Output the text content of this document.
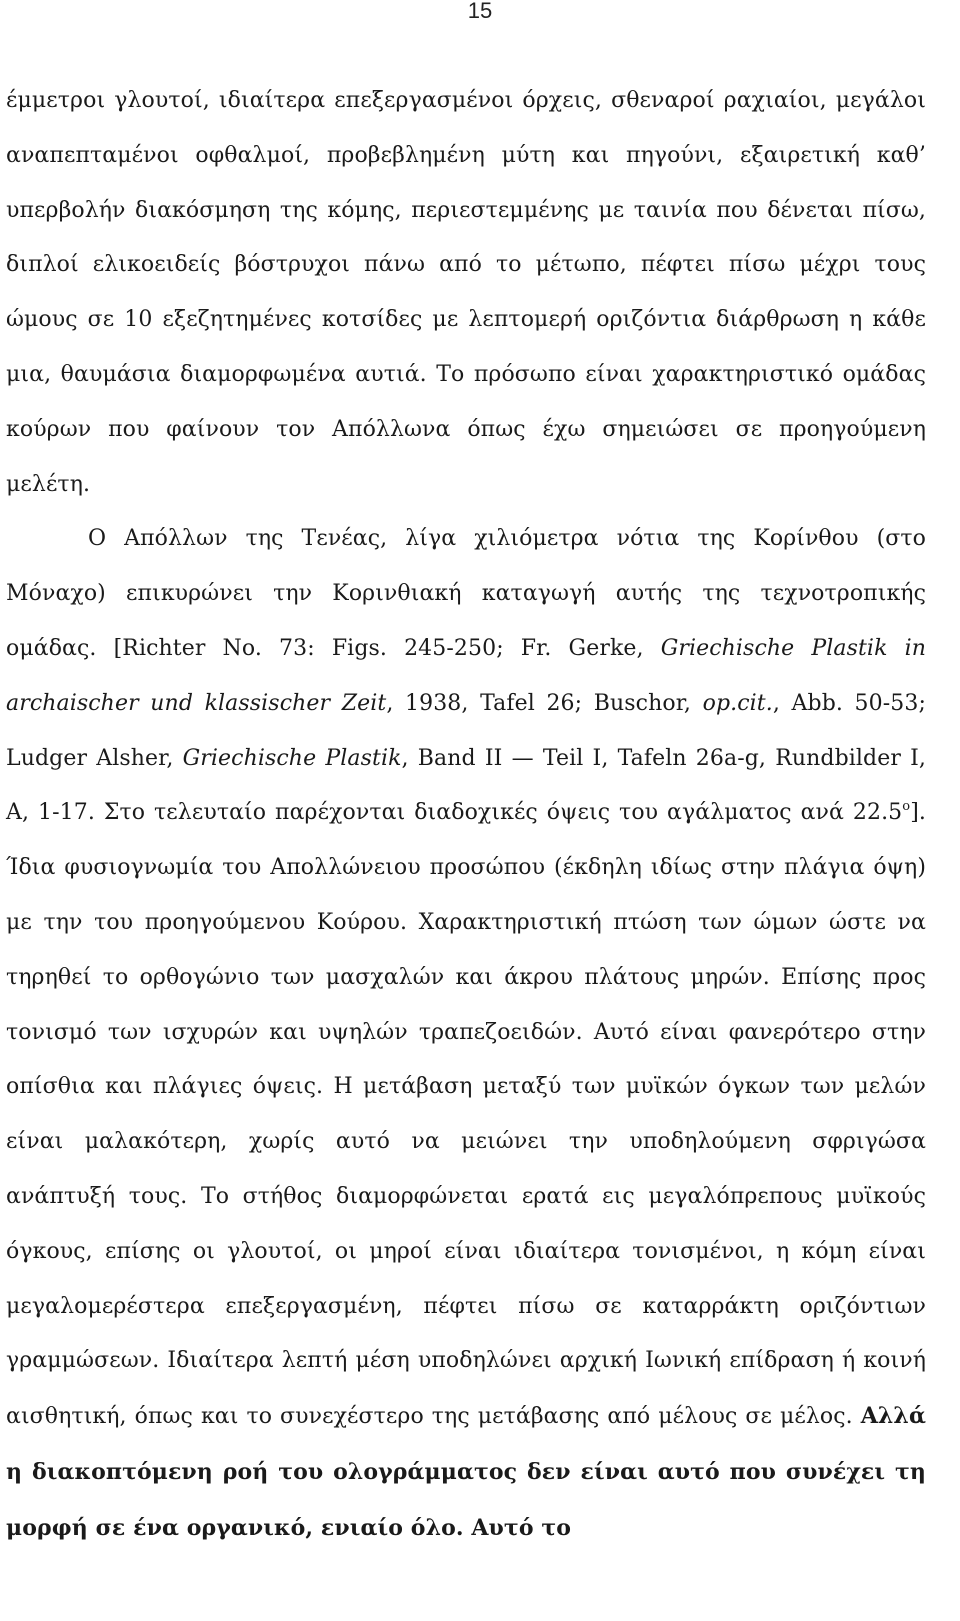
15

έμμετροι γλουτοί, ιδιαίτερα επεξεργασμένοι όρχεις, σθεναροί ραχιαίοι, μεγάλοι αναπεπταμένοι οφθαλμοί, προβεβλημένη μύτη και πηγούνι, εξαιρετική καθ’ υπερβολήν διακόσμηση της κόμης, περιεστεμμένης με ταινία που δένεται πίσω, διπλοί ελικοειδείς βόστρυχοι πάνω από το μέτωπο, πέφτει πίσω μέχρι τους ώμους σε 10 εξεζητημένες κοτσίδες με λεπτομερή οριζόντια διάρθρωση η κάθε μια, θαυμάσια διαμορφωμένα αυτιά. Το πρόσωπο είναι χαρακτηριστικό ομάδας κούρων που φαίνουν τον Απόλλωνα όπως έχω σημειώσει σε προηγούμενη μελέτη.

Ο Απόλλων της Τενέας, λίγα χιλιόμετρα νότια της Κορίνθου (στο Μόναχο) επικυρώνει την Κορινθιακή καταγωγή αυτής της τεχνοτροπικής ομάδας. [Richter No. 73: Figs. 245-250; Fr. Gerke, Griechische Plastik in archaischer und klassischer Zeit, 1938, Tafel 26; Buschor, op.cit., Abb. 50-53; Ludger Alsher, Griechische Plastik, Band II — Teil I, Tafeln 26a-g, Rundbilder I, A, 1-17. Στο τελευταίο παρέχονται διαδοχικές όψεις του αγάλματος ανά $22.5^o$]. Ίδια φυσιογνωμία του Απολλώνειου προσώπου (έκδηλη ιδίως στην πλάγια όψη) με την του προηγούμενου Κούρου. Χαρακτηριστική πτώση των ώμων ώστε να τηρηθεί το ορθογώνιο των μασχαλών και άκρου πλάτους μηρών. Επίσης προς τονισμό των ισχυρών και υψηλών τραπεζοειδών. Αυτό είναι φανερότερο στην οπίσθια και πλάγιες όψεις. Η μετάβαση μεταξύ των μυϊκών όγκων των μελών είναι μαλακότερη, χωρίς αυτό να μειώνει την υποδηλούμενη σφριγώσα ανάπτυξή τους. Το στήθος διαμορφώνεται ερατά εις μεγαλόπρεπους μυϊκούς όγκους, επίσης οι γλουτοί, οι μηροί είναι ιδιαίτερα τονισμένοι, η κόμη είναι μεγαλομερέστερα επεξεργασμένη, πέφτει πίσω σε καταρράκτη οριζόντιων γραμμώσεων. Ιδιαίτερα λεπτή μέση υποδηλώνει αρχική Ιωνική επίδραση ή κοινή αισθητική, όπως και το συνεχέστερο της μετάβασης από μέλους σε μέλος. Αλλά η διακοπτόμενη ροή του ολογράμματος δεν είναι αυτό που συνέχει τη μορφή σε ένα οργανικό, ενιαίο όλο. Αυτό το
